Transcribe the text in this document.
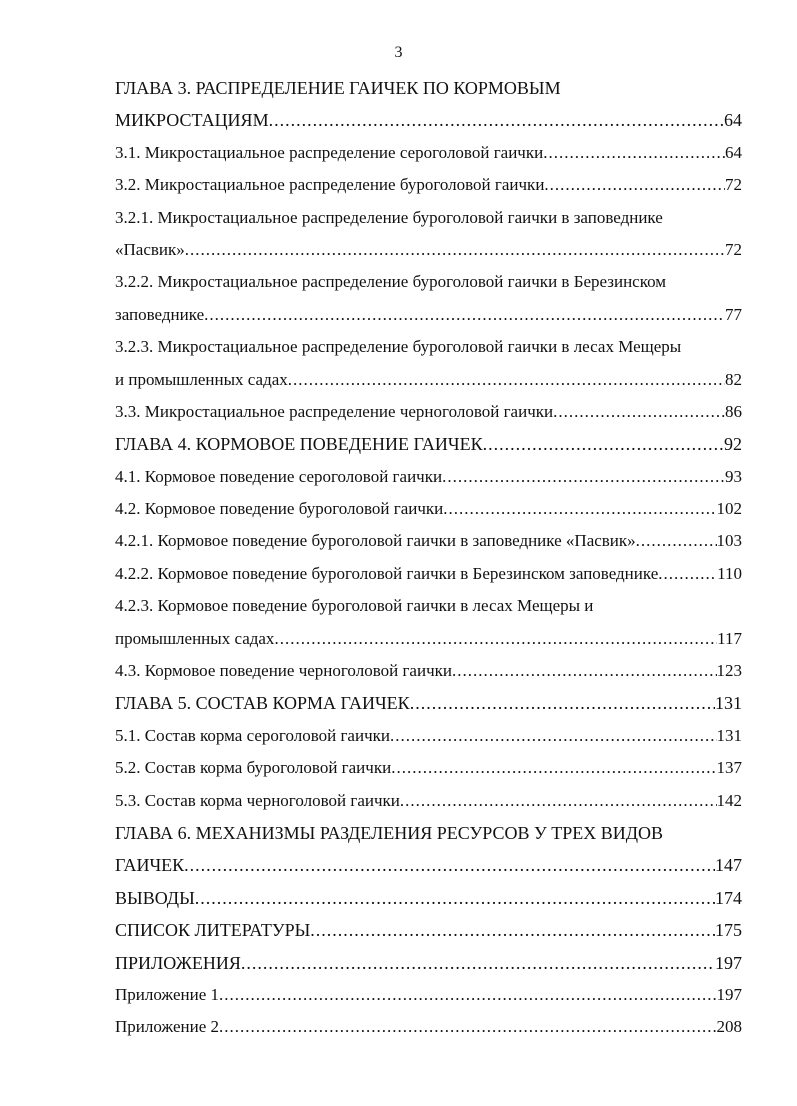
3
ГЛАВА 3. РАСПРЕДЕЛЕНИЕ ГАИЧЕК ПО КОРМОВЫМ
МИКРОСТАЦИЯМ .....	64
3.1. Микростациальное распределение сероголовой гаички .....	64
3.2. Микростациальное распределение буроголовой гаички .....	72
3.2.1. Микростациальное распределение буроголовой гаички в заповеднике
«Пасвик» .....	72
3.2.2. Микростациальное распределение буроголовой гаички в Березинском
заповеднике .....	77
3.2.3. Микростациальное распределение буроголовой гаички в лесах Мещеры
и промышленных садах .....	82
3.3. Микростациальное распределение черноголовой гаички .....	86
ГЛАВА 4. КОРМОВОЕ ПОВЕДЕНИЕ ГАИЧЕК .....	92
4.1. Кормовое поведение сероголовой гаички .....	93
4.2. Кормовое поведение буроголовой гаички .....	102
4.2.1. Кормовое поведение буроголовой гаички в заповеднике «Пасвик» .....	103
4.2.2. Кормовое поведение буроголовой гаички в Березинском заповеднике .....	110
4.2.3. Кормовое поведение буроголовой гаички в лесах Мещеры и
промышленных садах .....	117
4.3. Кормовое поведение черноголовой гаички .....	123
ГЛАВА 5. СОСТАВ КОРМА ГАИЧЕК .....	131
5.1. Состав корма сероголовой гаички .....	131
5.2. Состав корма буроголовой гаички .....	137
5.3. Состав корма черноголовой гаички .....	142
ГЛАВА 6. МЕХАНИЗМЫ РАЗДЕЛЕНИЯ РЕСУРСОВ У ТРЕХ ВИДОВ
ГАИЧЕК .....	147
ВЫВОДЫ .....	174
СПИСОК ЛИТЕРАТУРЫ .....	175
ПРИЛОЖЕНИЯ .....	197
Приложение 1 .....	197
Приложение 2 .....	208
